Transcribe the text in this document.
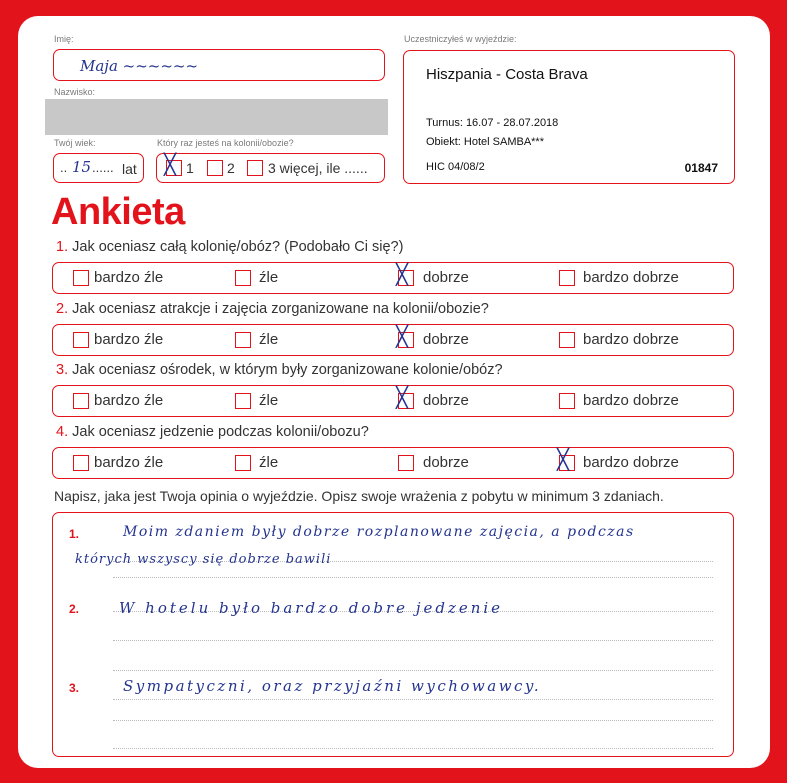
Imię:
Maja ~~~~~~
Nazwisko:
Twój wiek:
.. 15 ...... lat
Który raz jesteś na kolonii/obozie?
╳ 1 2 3 więcej, ile ......
Uczestniczyłeś w wyjeździe:
Hiszpania - Costa Brava
Turnus: 16.07 - 28.07.2018
Obiekt: Hotel SAMBA***
HIC 04/08/2	01847
Ankieta
1. Jak oceniasz całą kolonię/obóz? (Podobało Ci się?)
bardzo źle	źle	╳ dobrze	bardzo dobrze
2. Jak oceniasz atrakcje i zajęcia zorganizowane na kolonii/obozie?
bardzo źle	źle	╳ dobrze	bardzo dobrze
3. Jak oceniasz ośrodek, w którym były zorganizowane kolonie/obóz?
bardzo źle	źle	╳ dobrze	bardzo dobrze
4. Jak oceniasz jedzenie podczas kolonii/obozu?
bardzo źle	źle	dobrze	╳ bardzo dobrze
Napisz, jaka jest Twoja opinia o wyjeździe. Opisz swoje wrażenia z pobytu w minimum 3 zdaniach.
1.
2.
3.
Moim zdaniem były dobrze rozplanowane zajęcia, a podczas
których wszyscy się dobrze bawili
W hotelu było bardzo dobre jedzenie
Sympatyczni, oraz przyjaźni wychowawcy.
